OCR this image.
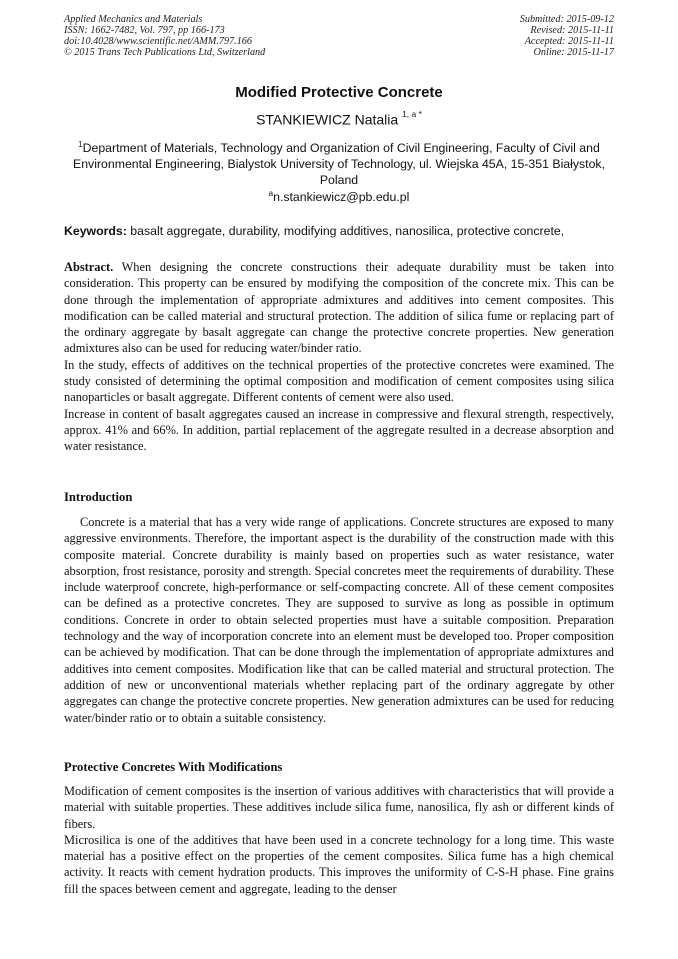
Applied Mechanics and Materials
ISSN: 1662-7482, Vol. 797, pp 166-173
doi:10.4028/www.scientific.net/AMM.797.166
© 2015 Trans Tech Publications Ltd, Switzerland
Submitted: 2015-09-12
Revised: 2015-11-11
Accepted: 2015-11-11
Online: 2015-11-17
Modified Protective Concrete
STANKIEWICZ Natalia $^{1, a *}$
$^1$Department of Materials, Technology and Organization of Civil Engineering, Faculty of Civil and Environmental Engineering, Bialystok University of Technology, ul. Wiejska 45A, 15-351 Białystok, Poland
$^a$n.stankiewicz@pb.edu.pl
Keywords: basalt aggregate, durability, modifying additives, nanosilica, protective concrete,

Abstract. When designing the concrete constructions their adequate durability must be taken into consideration. This property can be ensured by modifying the composition of the concrete mix. This can be done through the implementation of appropriate admixtures and additives into cement composites. This modification can be called material and structural protection. The addition of silica fume or replacing part of the ordinary aggregate by basalt aggregate can change the protective concrete properties. New generation admixtures also can be used for reducing water/binder ratio.

In the study, effects of additives on the technical properties of the protective concretes were examined. The study consisted of determining the optimal composition and modification of cement composites using silica nanoparticles or basalt aggregate. Different contents of cement were also used.

Increase in content of basalt aggregates caused an increase in compressive and flexural strength, respectively, approx. 41% and 66%. In addition, partial replacement of the aggregate resulted in a decrease absorption and water resistance.

Introduction

Concrete is a material that has a very wide range of applications. Concrete structures are exposed to many aggressive environments. Therefore, the important aspect is the durability of the construction made with this composite material. Concrete durability is mainly based on properties such as water resistance, water absorption, frost resistance, porosity and strength. Special concretes meet the requirements of durability. These include waterproof concrete, high-performance or self-compacting concrete. All of these cement composites can be defined as a protective concretes. They are supposed to survive as long as possible in optimum conditions. Concrete in order to obtain selected properties must have a suitable composition. Preparation technology and the way of incorporation concrete into an element must be developed too. Proper composition can be achieved by modification. That can be done through the implementation of appropriate admixtures and additives into cement composites. Modification like that can be called material and structural protection. The addition of new or unconventional materials whether replacing part of the ordinary aggregate by other aggregates can change the protective concrete properties. New generation admixtures can be used for reducing water/binder ratio or to obtain a suitable consistency.

Protective Concretes With Modifications

Modification of cement composites is the insertion of various additives with characteristics that will provide a material with suitable properties. These additives include silica fume, nanosilica, fly ash or different kinds of fibers.

Microsilica is one of the additives that have been used in a concrete technology for a long time. This waste material has a positive effect on the properties of the cement composites. Silica fume has a high chemical activity. It reacts with cement hydration products. This improves the uniformity of C-S-H phase. Fine grains fill the spaces between cement and aggregate, leading to the denser
